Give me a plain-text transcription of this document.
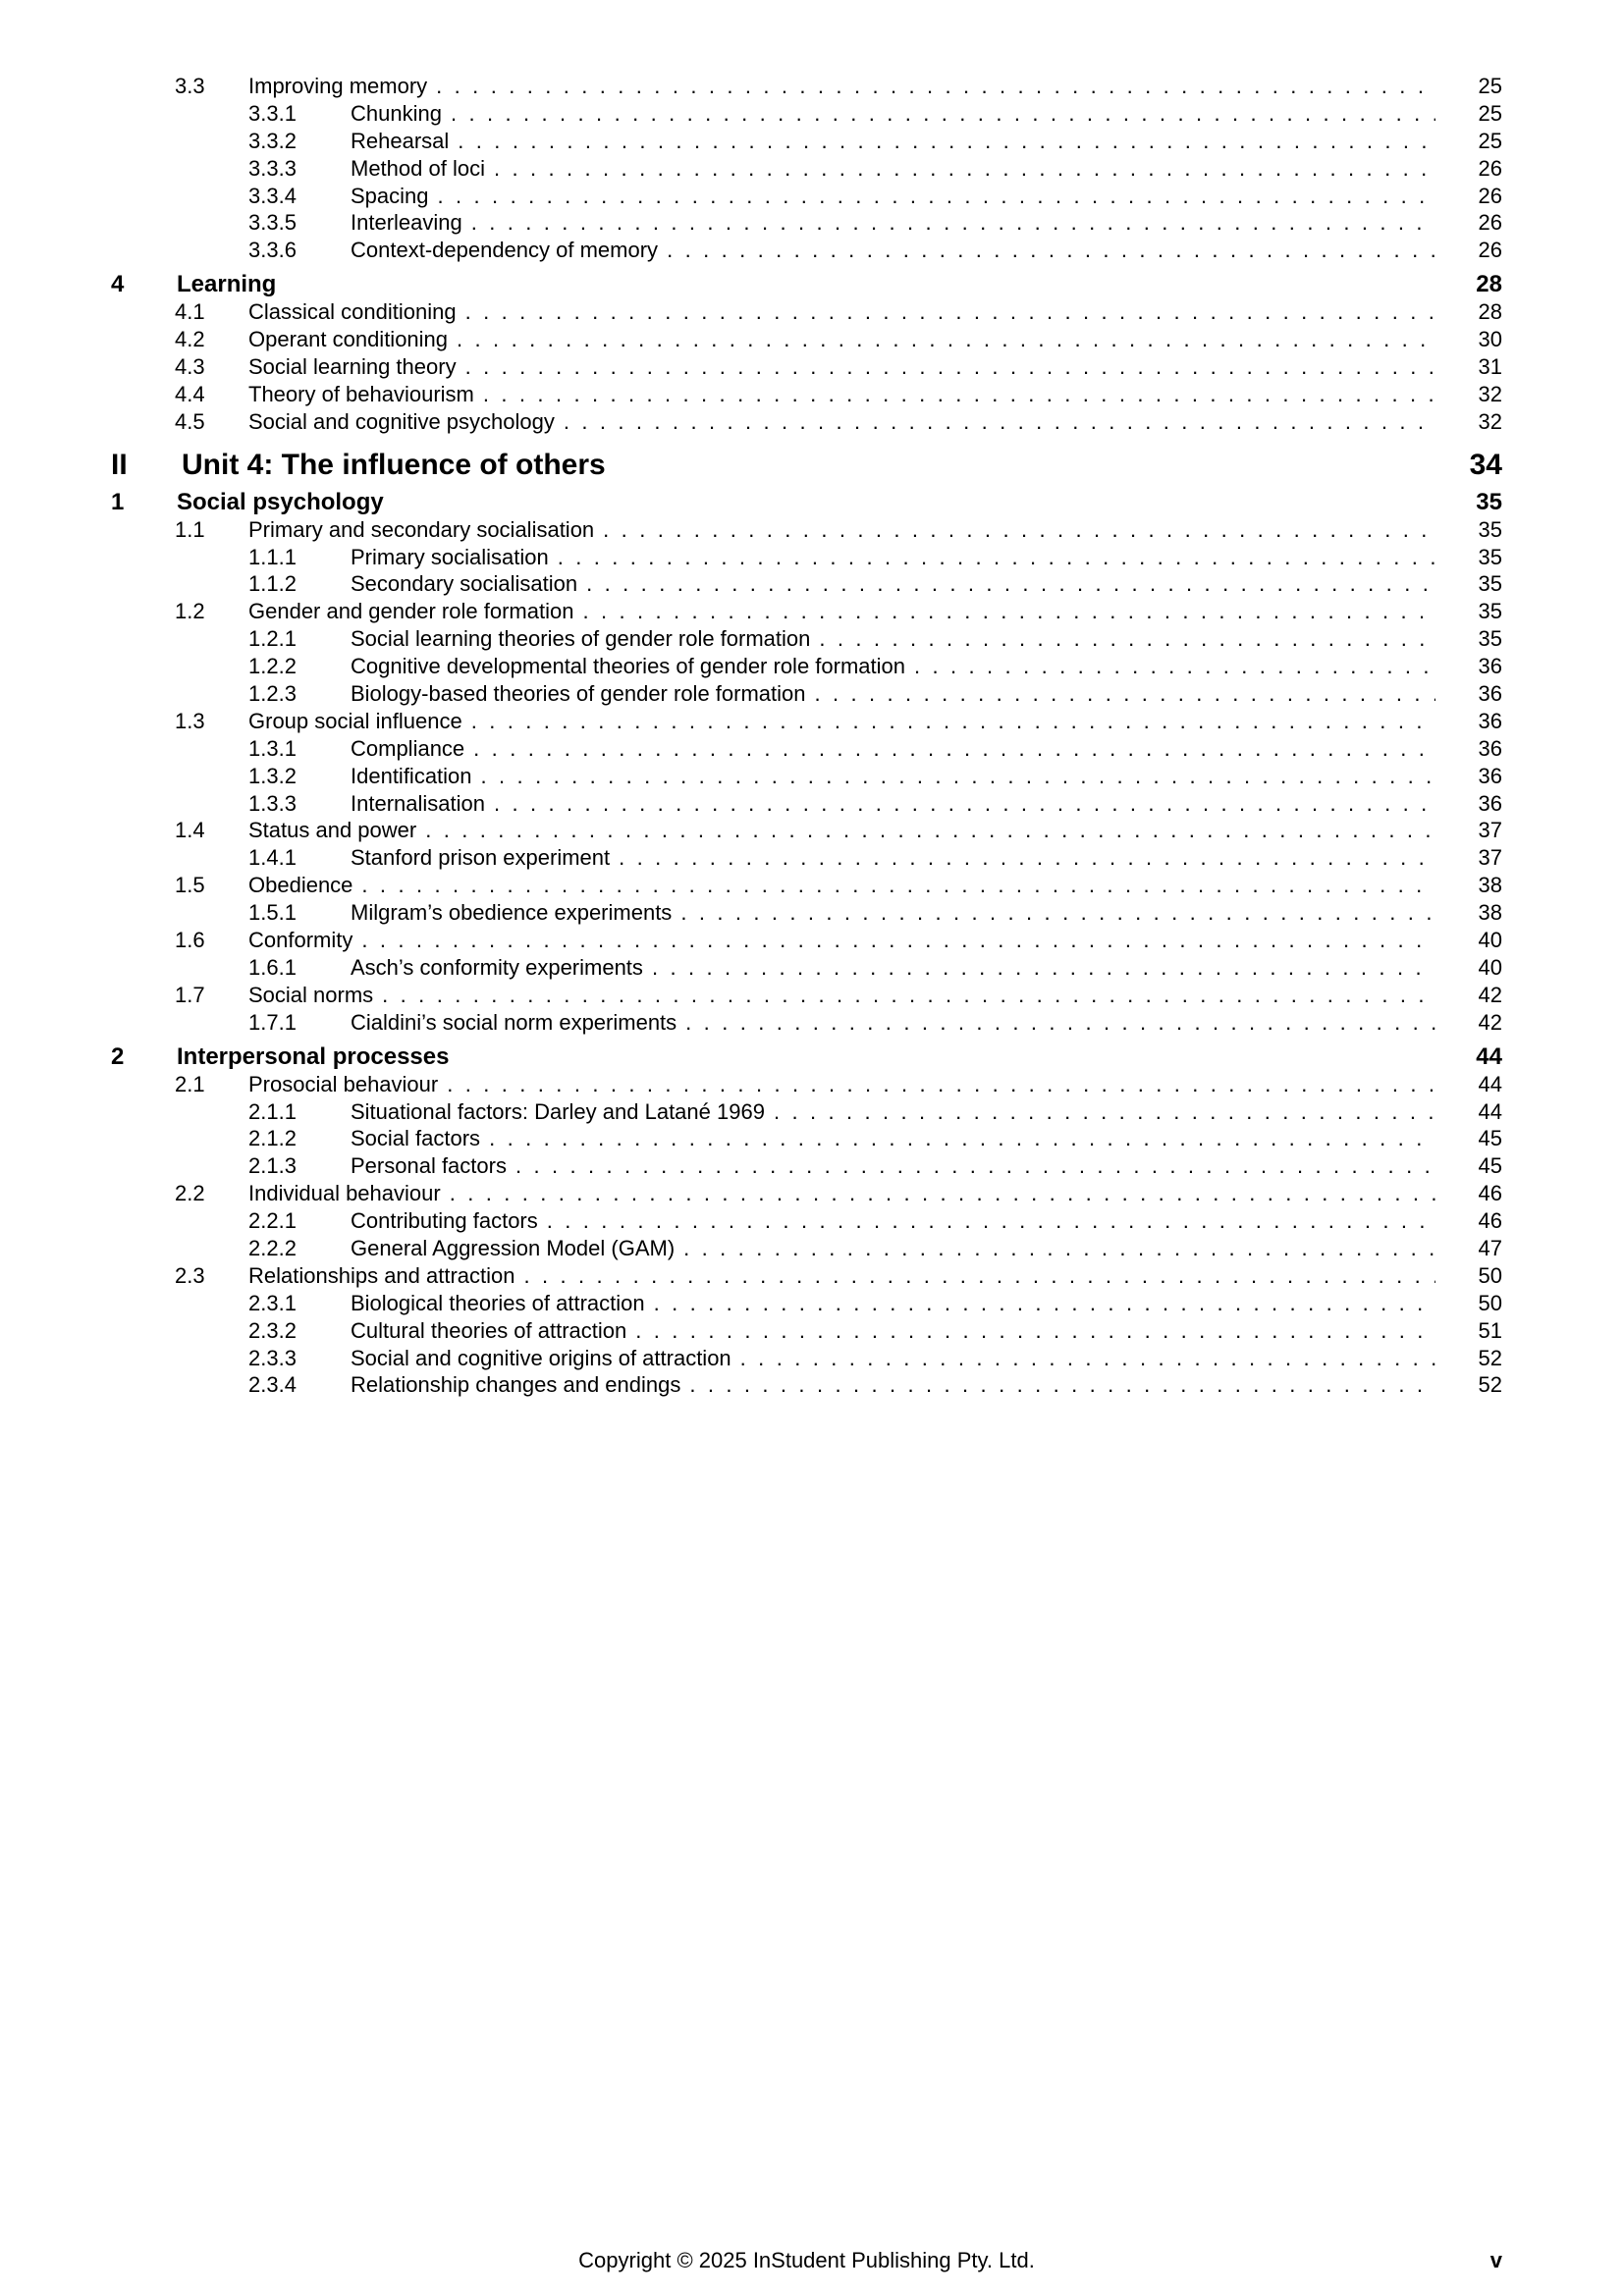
3.3	Improving memory .....	25
3.3.1	Chunking .....	25
3.3.2	Rehearsal .....	25
3.3.3	Method of loci .....	26
3.3.4	Spacing .....	26
3.3.5	Interleaving .....	26
3.3.6	Context-dependency of memory .....	26
4	Learning	28
4.1	Classical conditioning .....	28
4.2	Operant conditioning .....	30
4.3	Social learning theory .....	31
4.4	Theory of behaviourism .....	32
4.5	Social and cognitive psychology .....	32
II	Unit 4: The influence of others	34
1	Social psychology	35
1.1	Primary and secondary socialisation .....	35
1.1.1	Primary socialisation .....	35
1.1.2	Secondary socialisation .....	35
1.2	Gender and gender role formation .....	35
1.2.1	Social learning theories of gender role formation .....	35
1.2.2	Cognitive developmental theories of gender role formation .....	36
1.2.3	Biology-based theories of gender role formation .....	36
1.3	Group social influence .....	36
1.3.1	Compliance .....	36
1.3.2	Identification .....	36
1.3.3	Internalisation .....	36
1.4	Status and power .....	37
1.4.1	Stanford prison experiment .....	37
1.5	Obedience .....	38
1.5.1	Milgram’s obedience experiments .....	38
1.6	Conformity .....	40
1.6.1	Asch’s conformity experiments .....	40
1.7	Social norms .....	42
1.7.1	Cialdini’s social norm experiments .....	42
2	Interpersonal processes	44
2.1	Prosocial behaviour .....	44
2.1.1	Situational factors: Darley and Latané 1969 .....	44
2.1.2	Social factors .....	45
2.1.3	Personal factors .....	45
2.2	Individual behaviour .....	46
2.2.1	Contributing factors .....	46
2.2.2	General Aggression Model (GAM) .....	47
2.3	Relationships and attraction .....	50
2.3.1	Biological theories of attraction .....	50
2.3.2	Cultural theories of attraction .....	51
2.3.3	Social and cognitive origins of attraction .....	52
2.3.4	Relationship changes and endings .....	52
Copyright © 2025 InStudent Publishing Pty. Ltd.	v
